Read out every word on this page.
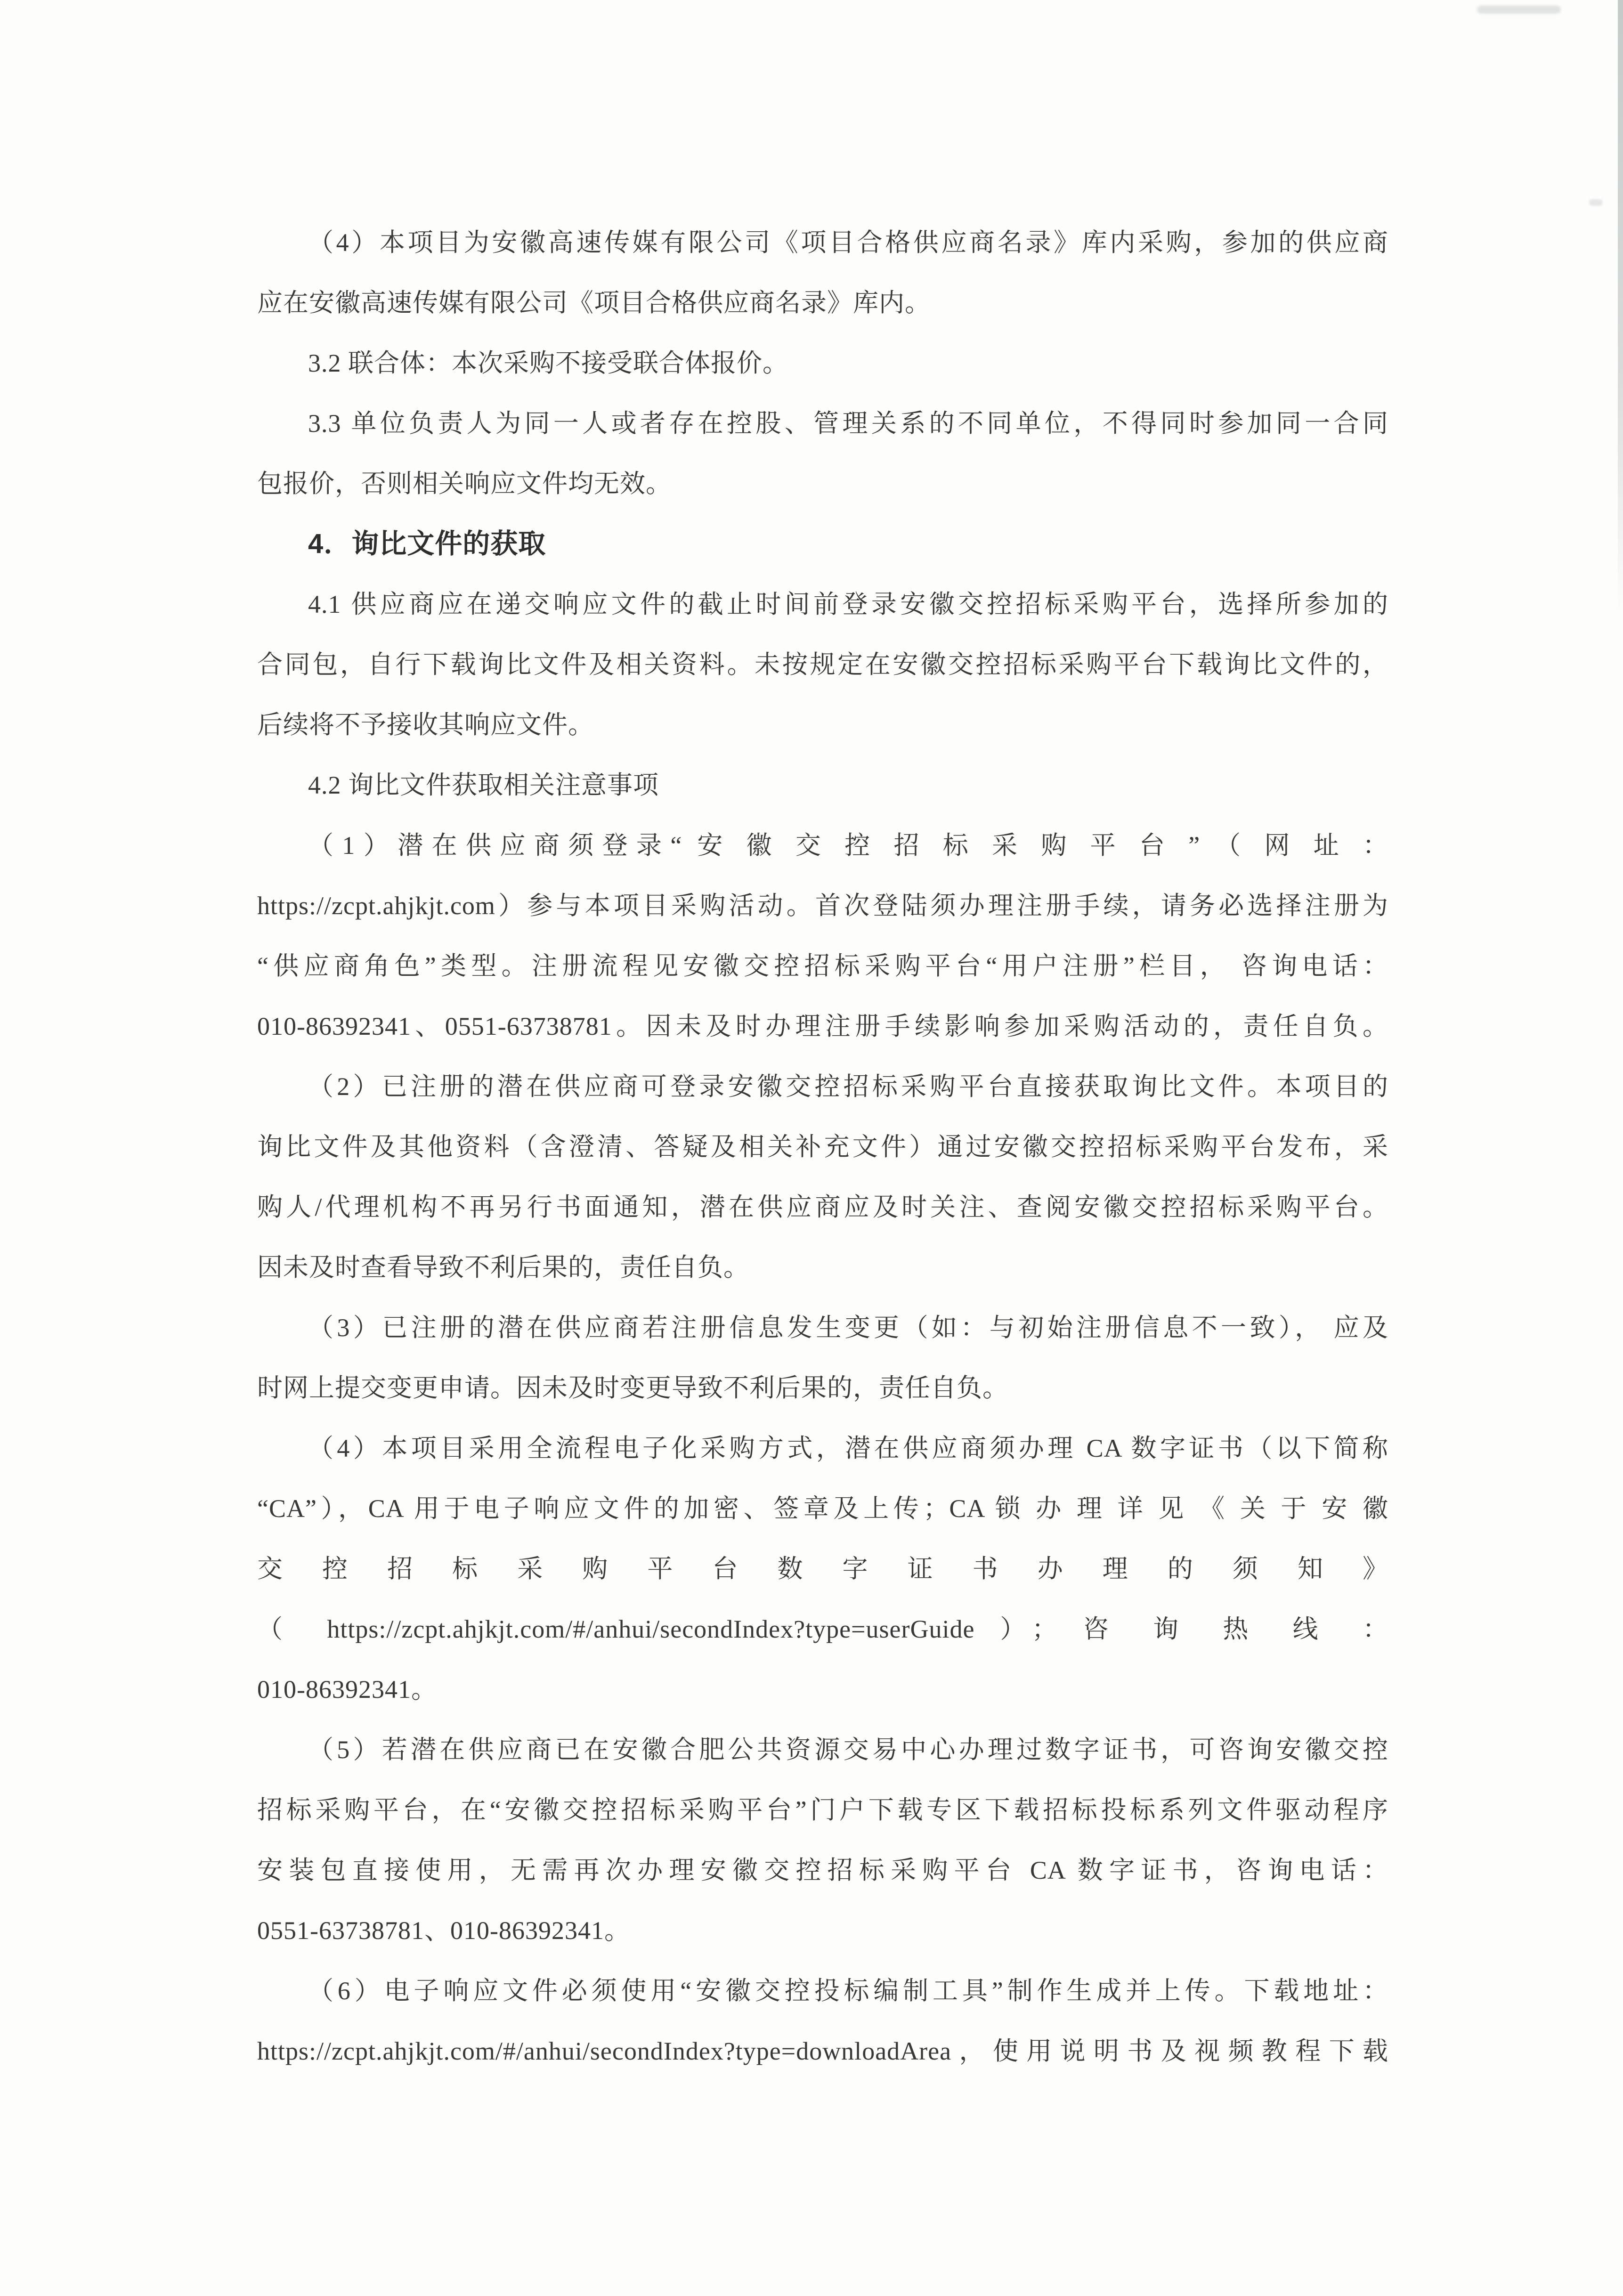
（4）本项目为安徽高速传媒有限公司《项目合格供应商名录》库内采购，参加的供应商
应在安徽高速传媒有限公司《项目合格供应商名录》库内。
3.2 联合体：本次采购不接受联合体报价。
3.3 单位负责人为同一人或者存在控股、管理关系的不同单位，不得同时参加同一合同
包报价，否则相关响应文件均无效。
4．询比文件的获取
4.1 供应商应在递交响应文件的截止时间前登录安徽交控招标采购平台，选择所参加的
合同包，自行下载询比文件及相关资料。未按规定在安徽交控招标采购平台下载询比文件的，
后续将不予接收其响应文件。
4.2 询比文件获取相关注意事项
（1）潜在供应商须登录“ 安 徽 交 控 招 标 采 购 平 台 ” （ 网 址 ：
https://zcpt.ahjkjt.com）参与本项目采购活动。首次登陆须办理注册手续，请务必选择注册为
“供应商角色”类型。注册流程见安徽交控招标采购平台“用户注册”栏目， 咨询电话：
010-86392341、0551-63738781。因未及时办理注册手续影响参加采购活动的，责任自负。
（2）已注册的潜在供应商可登录安徽交控招标采购平台直接获取询比文件。本项目的
询比文件及其他资料（含澄清、答疑及相关补充文件）通过安徽交控招标采购平台发布，采
购人/代理机构不再另行书面通知，潜在供应商应及时关注、查阅安徽交控招标采购平台。
因未及时查看导致不利后果的，责任自负。
（3）已注册的潜在供应商若注册信息发生变更（如：与初始注册信息不一致）， 应及
时网上提交变更申请。因未及时变更导致不利后果的，责任自负。
（4）本项目采用全流程电子化采购方式，潜在供应商须办理 CA 数字证书（以下简称
“CA”），CA 用于电子响应文件的加密、签章及上传；CA 锁 办 理 详 见 《 关 于 安 徽
交 控 招 标 采 购 平 台 数 字 证 书 办 理 的 须 知 》
（ https://zcpt.ahjkjt.com/#/anhui/secondIndex?type=userGuide ）； 咨 询 热 线 ：
010-86392341。
（5）若潜在供应商已在安徽合肥公共资源交易中心办理过数字证书，可咨询安徽交控
招标采购平台，在“安徽交控招标采购平台”门户下载专区下载招标投标系列文件驱动程序
安装包直接使用，无需再次办理安徽交控招标采购平台 CA 数字证书，咨询电话：
0551-63738781、010-86392341。
（6）电子响应文件必须使用“安徽交控投标编制工具”制作生成并上传。下载地址：
https://zcpt.ahjkjt.com/#/anhui/secondIndex?type=downloadArea，使用说明书及视频教程下载
